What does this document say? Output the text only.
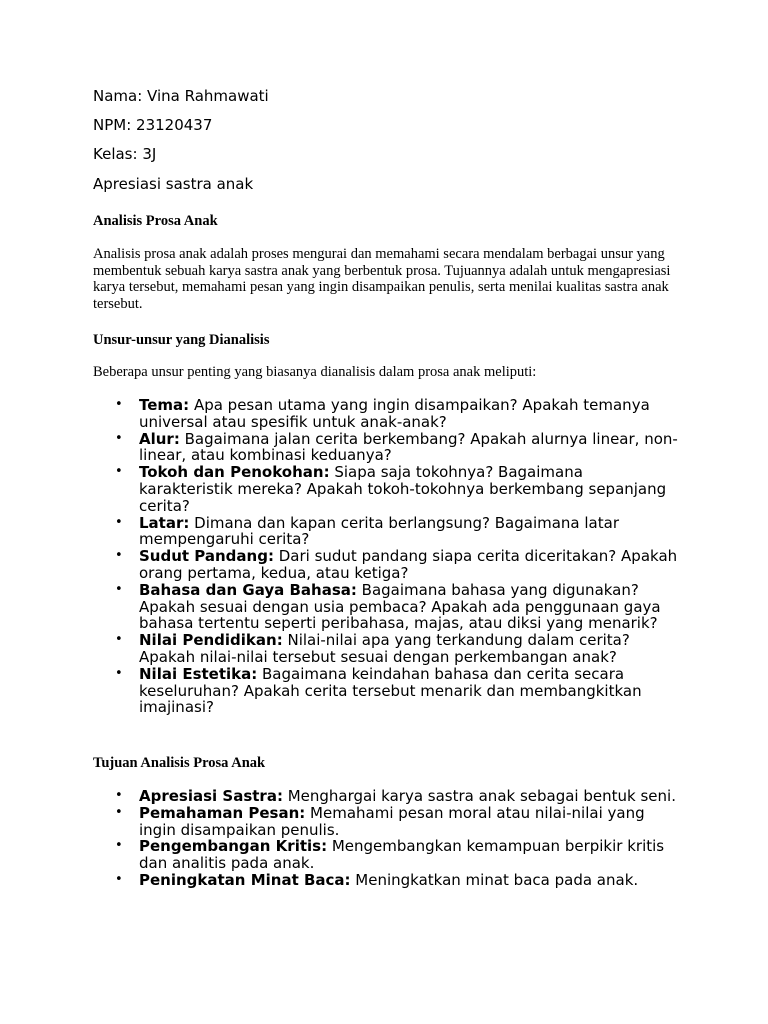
Nama: Vina Rahmawati
NPM: 23120437
Kelas: 3J
Apresiasi sastra anak
Analisis Prosa Anak
Analisis prosa anak adalah proses mengurai dan memahami secara mendalam berbagai unsur yang membentuk sebuah karya sastra anak yang berbentuk prosa. Tujuannya adalah untuk mengapresiasi karya tersebut, memahami pesan yang ingin disampaikan penulis, serta menilai kualitas sastra anak tersebut.
Unsur-unsur yang Dianalisis
Beberapa unsur penting yang biasanya dianalisis dalam prosa anak meliputi:
• Tema: Apa pesan utama yang ingin disampaikan? Apakah temanya universal atau spesifik untuk anak-anak?
• Alur: Bagaimana jalan cerita berkembang? Apakah alurnya linear, non-linear, atau kombinasi keduanya?
• Tokoh dan Penokohan: Siapa saja tokohnya? Bagaimana karakteristik mereka? Apakah tokoh-tokohnya berkembang sepanjang cerita?
• Latar: Dimana dan kapan cerita berlangsung? Bagaimana latar mempengaruhi cerita?
• Sudut Pandang: Dari sudut pandang siapa cerita diceritakan? Apakah orang pertama, kedua, atau ketiga?
• Bahasa dan Gaya Bahasa: Bagaimana bahasa yang digunakan? Apakah sesuai dengan usia pembaca? Apakah ada penggunaan gaya bahasa tertentu seperti peribahasa, majas, atau diksi yang menarik?
• Nilai Pendidikan: Nilai-nilai apa yang terkandung dalam cerita? Apakah nilai-nilai tersebut sesuai dengan perkembangan anak?
• Nilai Estetika: Bagaimana keindahan bahasa dan cerita secara keseluruhan? Apakah cerita tersebut menarik dan membangkitkan imajinasi?
Tujuan Analisis Prosa Anak
• Apresiasi Sastra: Menghargai karya sastra anak sebagai bentuk seni.
• Pemahaman Pesan: Memahami pesan moral atau nilai-nilai yang ingin disampaikan penulis.
• Pengembangan Kritis: Mengembangkan kemampuan berpikir kritis dan analitis pada anak.
• Peningkatan Minat Baca: Meningkatkan minat baca pada anak.
